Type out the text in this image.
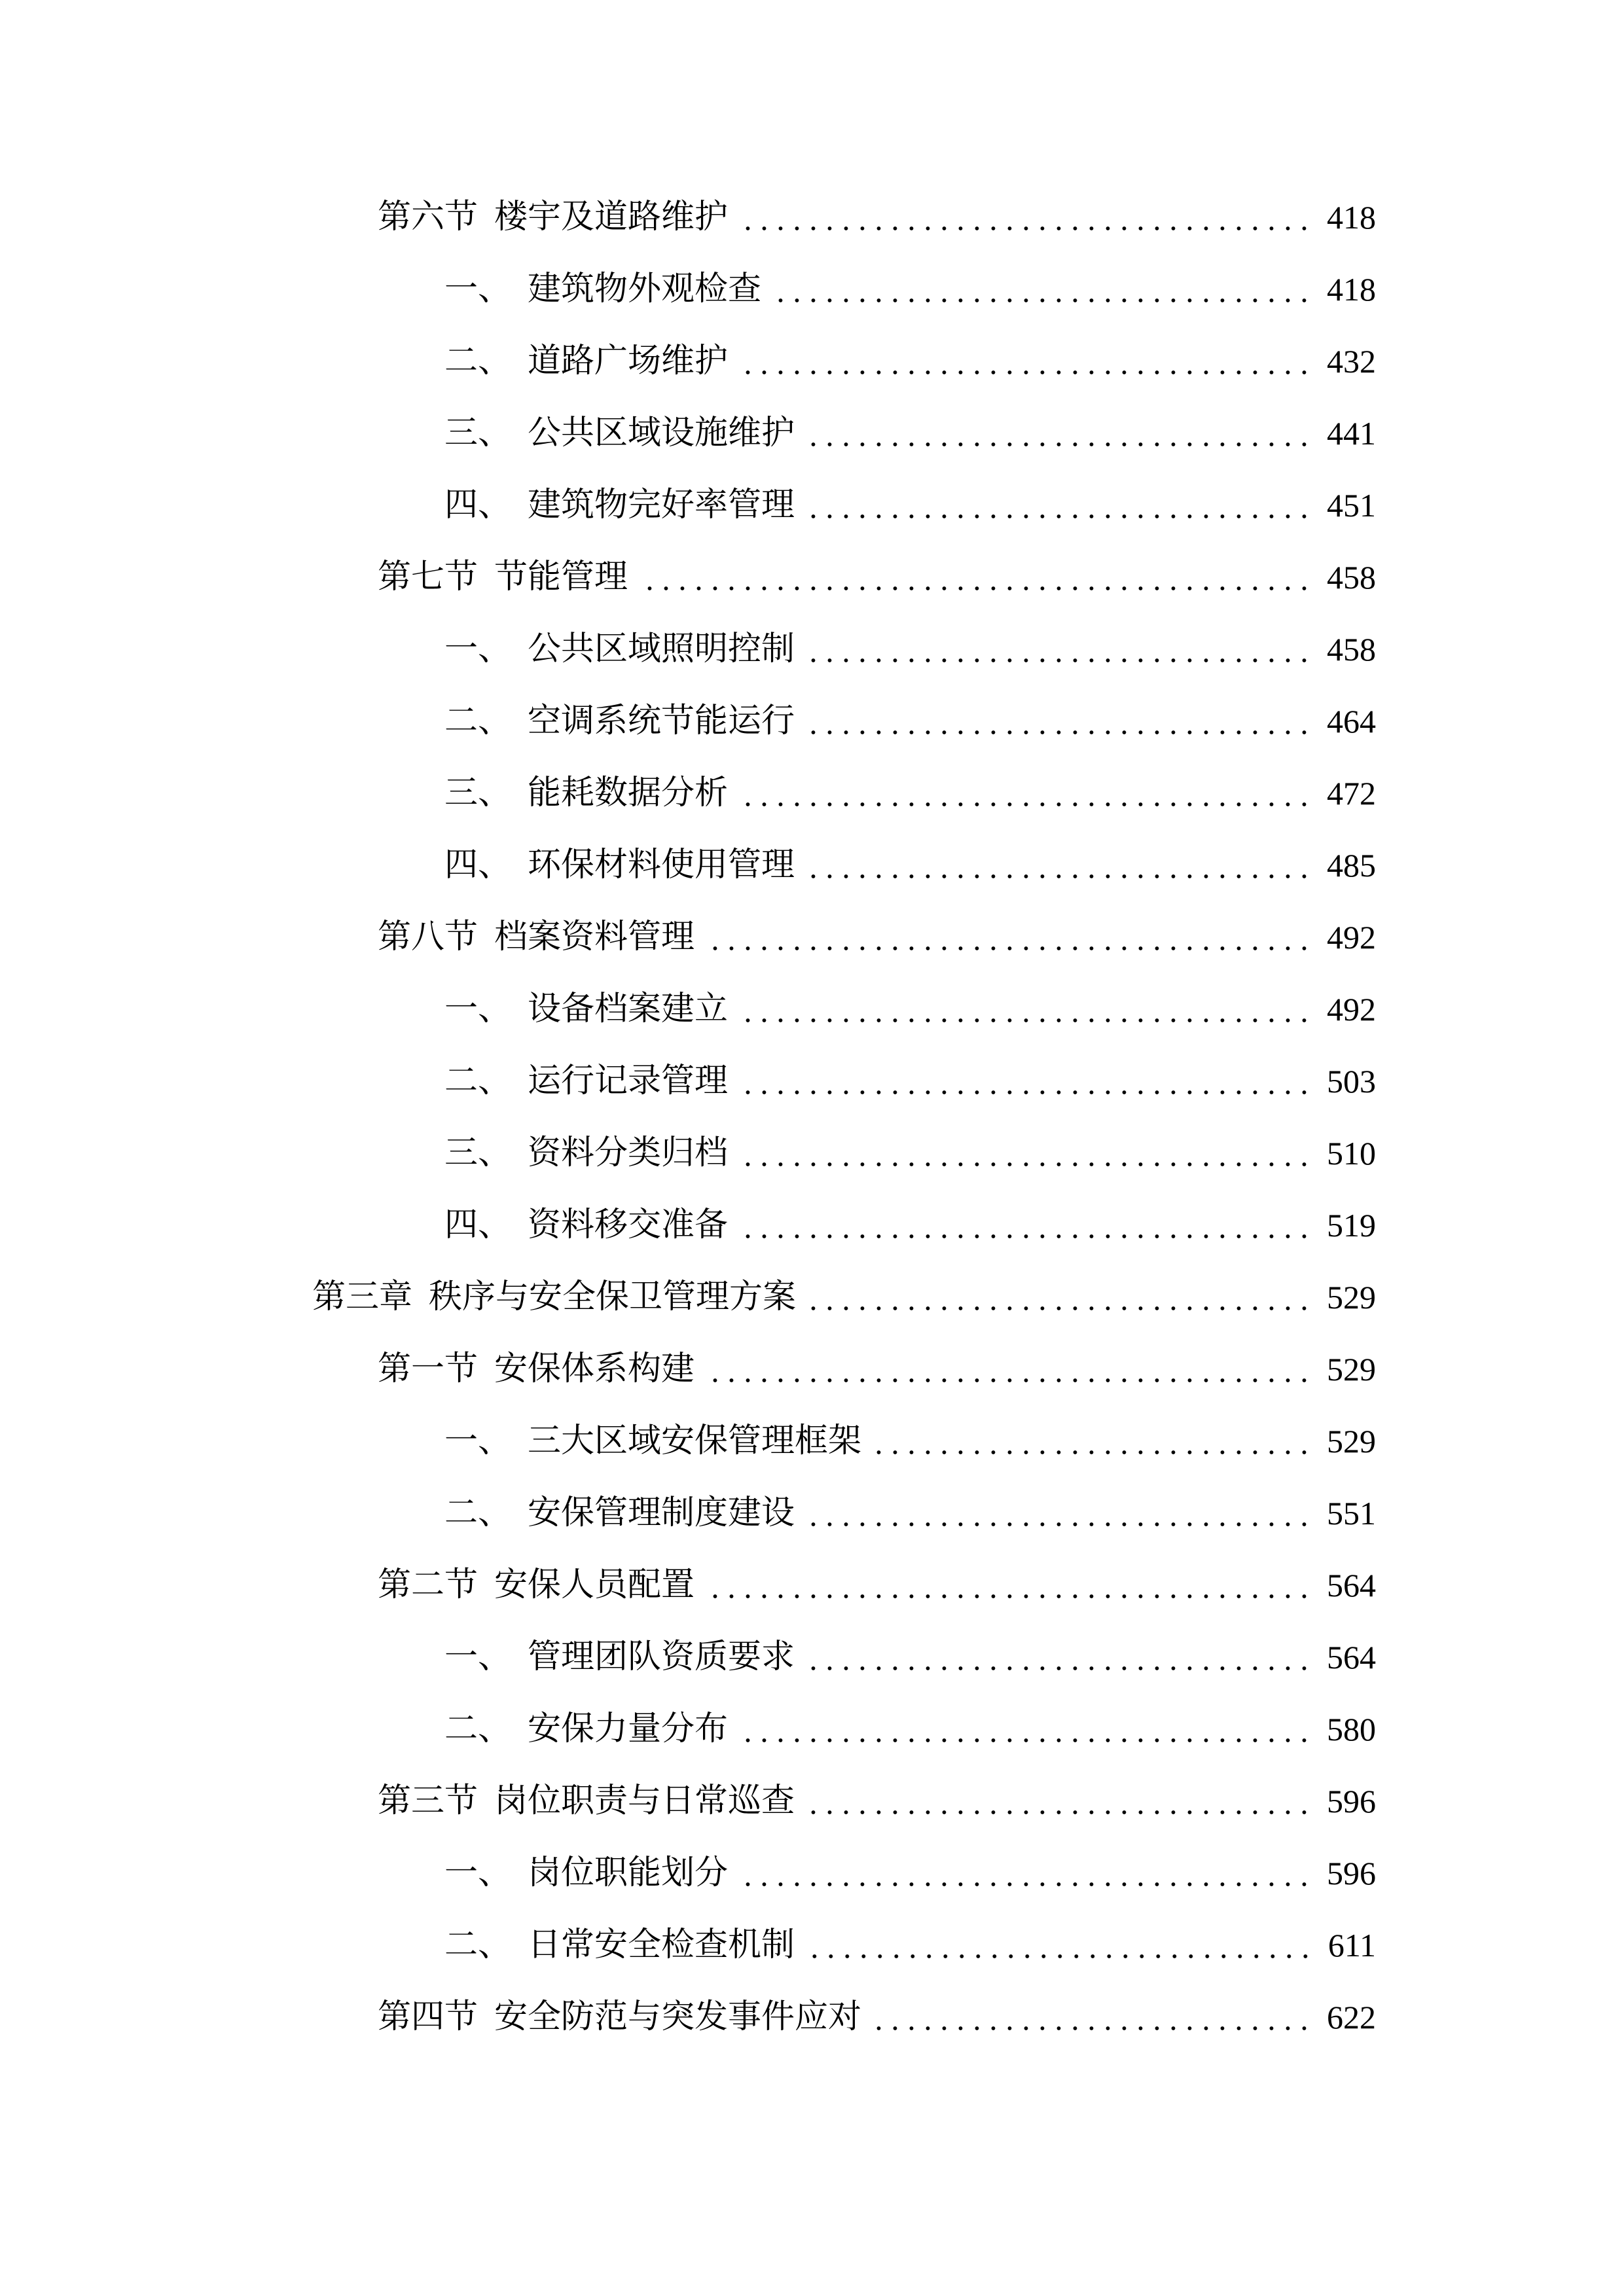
第六节 楼宇及道路维护	418
一、 建筑物外观检查	418
二、 道路广场维护	432
三、 公共区域设施维护	441
四、 建筑物完好率管理	451
第七节 节能管理	458
一、 公共区域照明控制	458
二、 空调系统节能运行	464
三、 能耗数据分析	472
四、 环保材料使用管理	485
第八节 档案资料管理	492
一、 设备档案建立	492
二、 运行记录管理	503
三、 资料分类归档	510
四、 资料移交准备	519
第三章 秩序与安全保卫管理方案	529
第一节 安保体系构建	529
一、 三大区域安保管理框架	529
二、 安保管理制度建设	551
第二节 安保人员配置	564
一、 管理团队资质要求	564
二、 安保力量分布	580
第三节 岗位职责与日常巡查	596
一、 岗位职能划分	596
二、 日常安全检查机制	611
第四节 安全防范与突发事件应对	622
